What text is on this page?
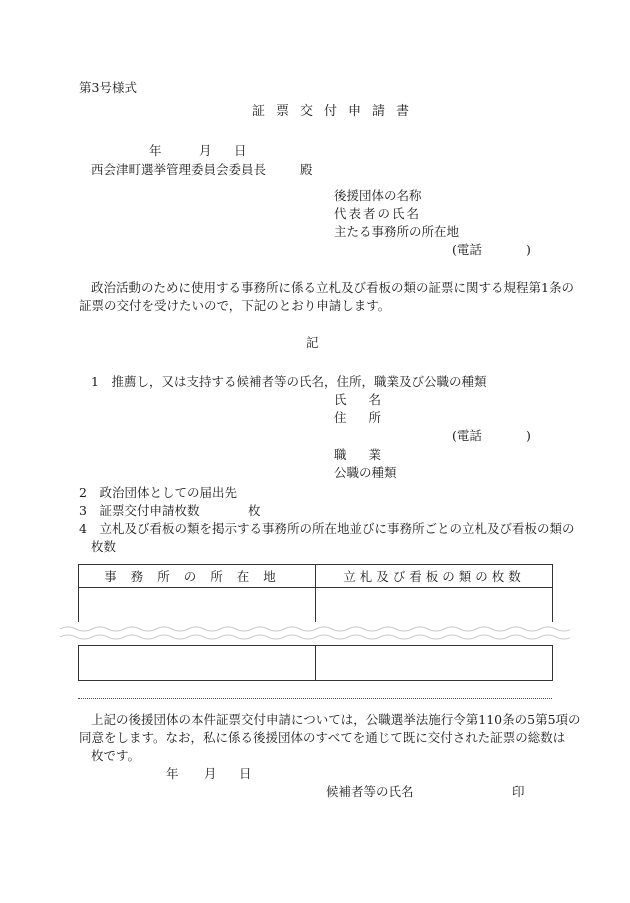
第3号様式
証票交付申請書
年	月 日
西会津町選挙管理委員会委員長	殿
後援団体の名称
代表者の氏名
主たる事務所の所在地
(電話	)
政治活動のために使用する事務所に係る立札及び看板の類の証票に関する規程第1条の
証票の交付を受けたいので，下記のとおり申請します。
記
1　推薦し，又は支持する候補者等の氏名，住所，職業及び公職の種類
氏名
住所
(電話	)
職業
公職の種類
2　政治団体としての届出先
3　証票交付申請枚数	枚
4　立札及び看板の類を掲示する事務所の所在地並びに事務所ごとの立札及び看板の類の
枚数
事務所の所在地	立札及び看板の類の枚数

上記の後援団体の本件証票交付申請については，公職選挙法施行令第110条の5第5項の
同意をします。なお，私に係る後援団体のすべてを通じて既に交付された証票の総数は
枚です。
年 月 日
候補者等の氏名	印
